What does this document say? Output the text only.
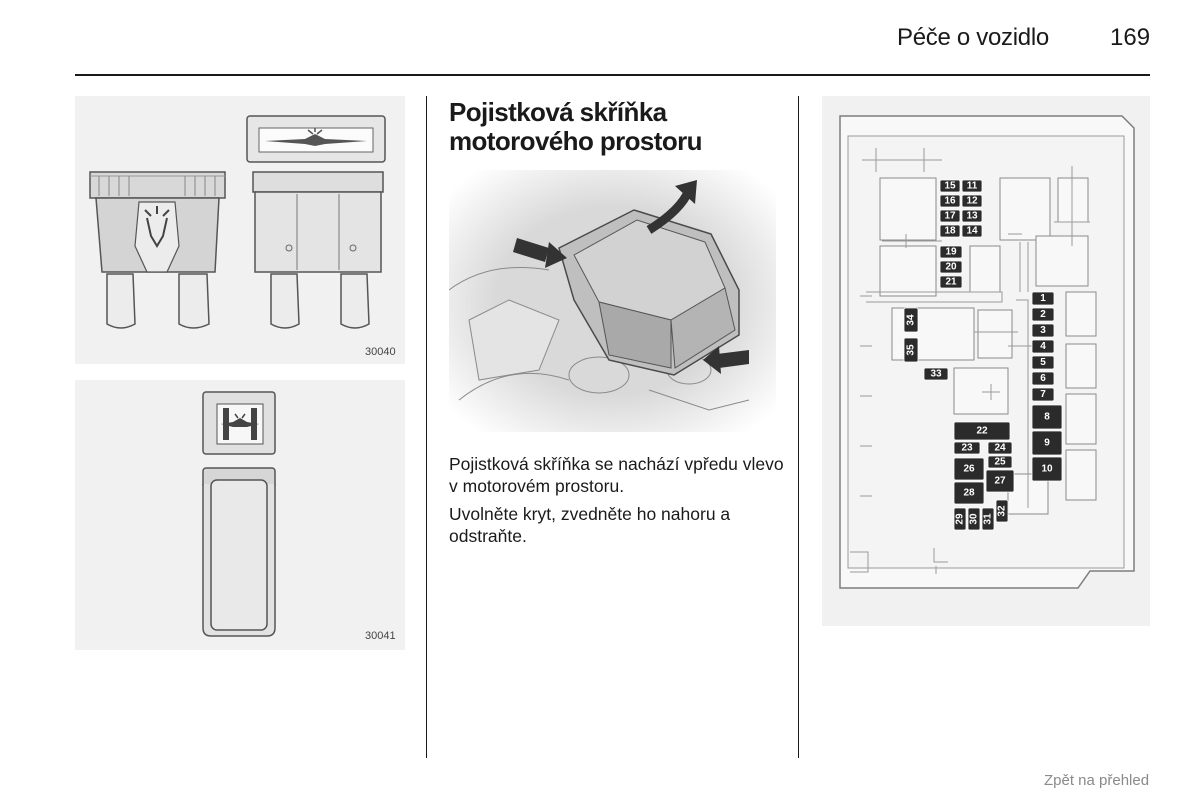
Péče o vozidlo	169
30040
30041
Pojistková skříňka
motorového prostoru
Pojistková skříňka se nachází vpředu vlevo v motorovém prostoru.
Uvolněte kryt, zvedněte ho nahoru a odstraňte.
15 11
16 12
17 13
18 14
19
20
21
1
2
3
4
5
6
7
8
9
10
34
35
33
22
23 24
25
26
27
28
29 30 31
32
Zpět na přehled
